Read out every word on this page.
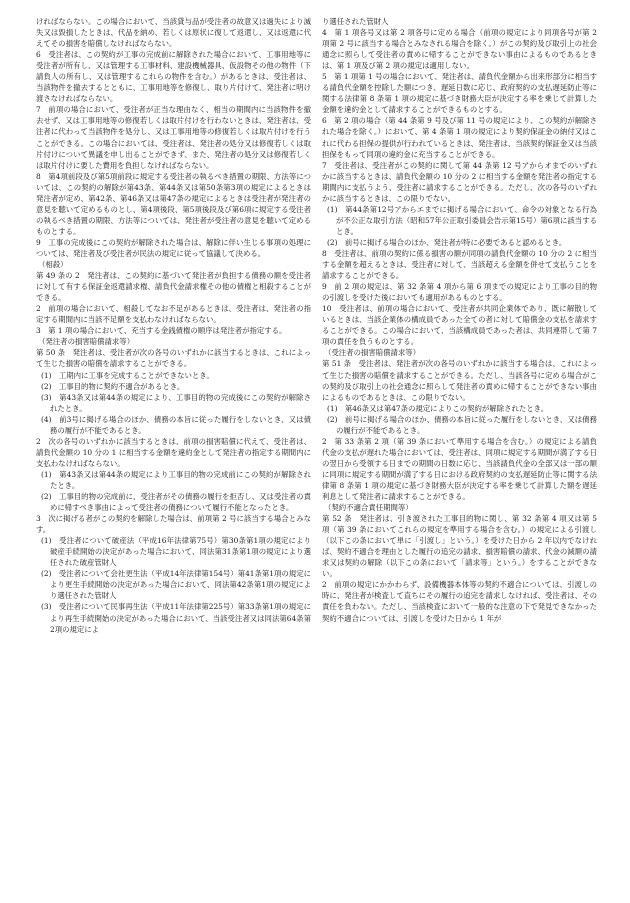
ければならない。この場合において、当該貸与品が受注者の故意又は過失により滅失又は毀損したときは、代品を納め、若しくは原状に復して返還し、又は返還に代えてその損害を賠償しなければならない。

6　受注者は、この契約が工事の完成前に解除された場合において、工事用地等に受注者が所有し、又は管理する工事材料、建設機械器具、仮設物その他の物件（下請負人の所有し、又は管理するこれらの物件を含む。）があるときは、受注者は、当該物件を撤去するとともに、工事用地等を修復し、取り片付けて、発注者に明け渡さなければならない。

7　前項の場合において、受注者が正当な理由なく、相当の期間内に当該物件を撤去せず、又は工事用地等の修復若しくは取片付けを行わないときは、発注者は、受注者に代わって当該物件を処分し、又は工事用地等の修復若しくは取片付けを行うことができる。この場合においては、受注者は、発注者の処分又は修復若しくは取片付けについて異議を申し出ることができず、また、発注者の処分又は修復若しくは取片付けに要した費用を負担しなければならない。

8　第4項前段及び第5項前段に規定する受注者の執るべき措置の期限、方法等については、この契約の解除が第43条、第44条又は第50条第3項の規定によるときは発注者が定め、第42条、第46条又は第47条の規定によるときは受注者が発注者の意見を聴いて定めるものとし、第4項後段、第5項後段及び第6項に規定する受注者の執るべき措置の期限、方法等については、発注者が受注者の意見を聴いて定めるものとする。

9　工事の完成後にこの契約が解除された場合は、解除に伴い生じる事項の処理については、発注者及び受注者が民法の規定に従って協議して決める。

（相殺）

第 49 条の 2　発注者は、この契約に基づいて発注者が負担する債務の額を受注者に対して有する保証金返還請求権、請負代金請求権その他の債権と相殺することができる。

2　前項の場合において、相殺してなお不足があるときは、受注者は、発注者の指定する期間内に当該不足額を支払わなければならない。

3　第 1 項の場合において、充当する金銭債権の順序は発注者が指定する。

（発注者の損害賠償請求等）

第 50 条　発注者は、受注者が次の各号のいずれかに該当するときは、これによって生じた損害の賠償を請求することができる。

(1)　工期内に工事を完成することができないとき。

(2)　工事目的物に契約不適合があるとき。

(3)　第43条又は第44条の規定により、工事目的物の完成後にこの契約が解除されたとき。

(4)　前3号に掲げる場合のほか、債務の本旨に従った履行をしないとき、又は債務の履行が不能であるとき。

2　次の各号のいずれかに該当するときは、前項の損害賠償に代えて、受注者は、請負代金額の 10 分の 1 に相当する金額を違約金として発注者の指定する期間内に支払わなければならない。

(1)　第43条又は第44条の規定により工事目的物の完成前にこの契約が解除されたとき。

(2)　工事目的物の完成前に、受注者がその債務の履行を拒否し、又は受注者の責めに帰すべき事由によって受注者の債務について履行不能となったとき。

3　次に掲げる者がこの契約を解除した場合は、前項第 2 号に該当する場合とみなす。

(1)　受注者について破産法（平成16年法律第75号）第30条第1項の規定により破産手続開始の決定があった場合において、同法第31条第1項の規定により選任された破産管財人

(2)　受注者について会社更生法（平成14年法律第154号）第41条第1項の規定により更生手続開始の決定があった場合において、同法第42条第1項の規定により選任された管財人

(3)　受注者について民事再生法（平成11年法律第225号）第33条第1項の規定により再生手続開始の決定があった場合において、当該受注者又は同法第64条第2項の規定によ

り選任された管財人

4　第 1 項各号又は第 2 項各号に定める場合（前項の規定により同項各号が第 2 項第 2 号に該当する場合とみなされる場合を除く。）がこの契約及び取引上の社会通念に照らして受注者の責めに帰することができない事由によるものであるときは、第 1 項及び第 2 項の規定は適用しない。

5　第 1 項第 1 号の場合において、発注者は、請負代金額から出来形部分に相当する請負代金額を控除した額につき、遅延日数に応じ、政府契約の支払遅延防止等に関する法律第 8 条第 1 項の規定に基づき財務大臣が決定する率を乗じて計算した金額を違約金として請求することができるものとする。

6　第 2 項の場合（第 44 条第 9 号及び第 11 号の規定により、この契約が解除された場合を除く。）において、第 4 条第 1 項の規定により契約保証金の納付又はこれに代わる担保の提供が行われているときは、発注者は、当該契約保証金又は当該担保をもって同項の違約金に充当することができる。

7　受注者は、受注者がこの契約に関して第 44 条第 12 号アからオまでのいずれかに該当するときは、請負代金額の 10 分の 2 に相当する金額を発注者の指定する期間内に支払うよう、受注者に請求することができる。ただし、次の各号のいずれかに該当するときは、この限りでない。

(1)　第44条第12号アからエまでに掲げる場合において、命令の対象となる行為が不公正な取引方法（昭和57年公正取引委員会告示第15号）第6項に該当するとき。

(2)　前号に掲げる場合のほか、発注者が特に必要であると認めるとき。

8　受注者は、前項の契約に係る損害の額が同項の請負代金額の 10 分の 2 に相当する金額を超えるときは、受注者に対して、当該超える金額を併せて支払うことを請求することができる。

9　前 2 項の規定は、第 32 条第 4 項から第 6 項までの規定により工事の目的物の引渡しを受けた後においても適用があるものとする。

10　受注者は、前項の場合において、受注者が共同企業体であり、既に解散しているときは、当該企業体の構成員であった全ての者に対して賠償金の支払を請求することができる。この場合において、当該構成員であった者は、共同連帯して第 7 項の責任を負うものとする。

（受注者の損害賠償請求等）

第 51 条　受注者は、発注者が次の各号のいずれかに該当する場合は、これによって生じた損害の賠償を請求することができる。ただし、当該各号に定める場合がこの契約及び取引上の社会通念に照らして発注者の責めに帰することができない事由によるものであるときは、この限りでない。

(1)　第46条又は第47条の規定によりこの契約が解除されたとき。

(2)　前号に掲げる場合のほか、債務の本旨に従った履行をしないとき、又は債務の履行が不能であるとき。

2　第 33 条第 2 項（第 39 条において準用する場合を含む。）の規定による請負代金の支払が遅れた場合においては、受注者は、同項に規定する期間が満了する日の翌日から受領する日までの期間の日数に応じ、当該請負代金の全部又は一部の額に同項に規定する期間が満了する日における政府契約の支払遅延防止等に関する法律第 8 条第 1 項の規定に基づき財務大臣が決定する率を乗じて計算した額を遅延利息として発注者に請求することができる。

（契約不適合責任期間等）

第 52 条　発注者は、引き渡された工事目的物に関し、第 32 条第 4 項又は第 5 項（第 39 条においてこれらの規定を準用する場合を含む。）の規定による引渡し（以下この条において単に「引渡し」という。）を受けた日から 2 年以内でなければ、契約不適合を理由とした履行の追完の請求、損害賠償の請求、代金の減額の請求又は契約の解除（以下この条において「請求等」という。）をすることができない。

2　前項の規定にかかわらず、設備機器本体等の契約不適合については、引渡しの時に、発注者が検査して直ちにその履行の追完を請求しなければ、受注者は、その責任を負わない。ただし、当該検査において一般的な注意の下で発見できなかった契約不適合については、引渡しを受けた日から 1 年が
